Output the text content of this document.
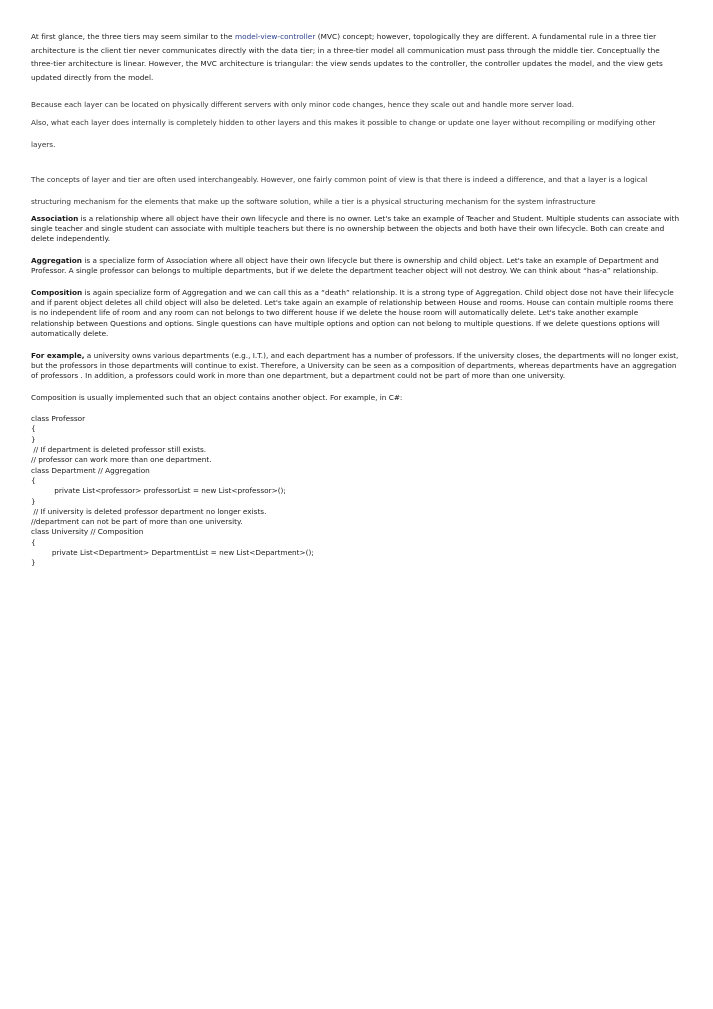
At first glance, the three tiers may seem similar to the model-view-controller (MVC) concept; however, topologically they are different. A fundamental rule in a three tier architecture is the client tier never communicates directly with the data tier; in a three-tier model all communication must pass through the middle tier. Conceptually the three-tier architecture is linear. However, the MVC architecture is triangular: the view sends updates to the controller, the controller updates the model, and the view gets updated directly from the model.

Because each layer can be located on physically different servers with only minor code changes, hence they scale out and handle more server load.

Also, what each layer does internally is completely hidden to other layers and this makes it possible to change or update one layer without recompiling or modifying other layers.

The concepts of layer and tier are often used interchangeably. However, one fairly common point of view is that there is indeed a difference, and that a layer is a logical structuring mechanism for the elements that make up the software solution, while a tier is a physical structuring mechanism for the system infrastructure

Association is a relationship where all object have their own lifecycle and there is no owner. Let's take an example of Teacher and Student. Multiple students can associate with single teacher and single student can associate with multiple teachers but there is no ownership between the objects and both have their own lifecycle. Both can create and delete independently.

Aggregation is a specialize form of Association where all object have their own lifecycle but there is ownership and child object. Let's take an example of Department and Professor. A single professor can belongs to multiple departments, but if we delete the department teacher object will not destroy. We can think about “has-a” relationship.

Composition is again specialize form of Aggregation and we can call this as a “death” relationship. It is a strong type of Aggregation. Child object dose not have their lifecycle and if parent object deletes all child object will also be deleted. Let's take again an example of relationship between House and rooms. House can contain multiple rooms there is no independent life of room and any room can not belongs to two different house if we delete the house room will automatically delete. Let's take another example relationship between Questions and options. Single questions can have multiple options and option can not belong to multiple questions. If we delete questions options will automatically delete.

For example, a university owns various departments (e.g., I.T.), and each department has a number of professors. If the university closes, the departments will no longer exist, but the professors in those departments will continue to exist. Therefore, a University can be seen as a composition of departments, whereas departments have an aggregation of professors . In addition, a professors could work in more than one department, but a department could not be part of more than one university.

Composition is usually implemented such that an object contains another object. For example, in C#:

class Professor
{
}
// If department is deleted professor still exists.
// professor can work more than one department.
class Department // Aggregation
{
private List<professor> professorList = new List<professor>();
}
// If university is deleted professor department no longer exists.
//department can not be part of more than one university.
class University // Composition
{
private List<Department> DepartmentList = new List<Department>();
}
